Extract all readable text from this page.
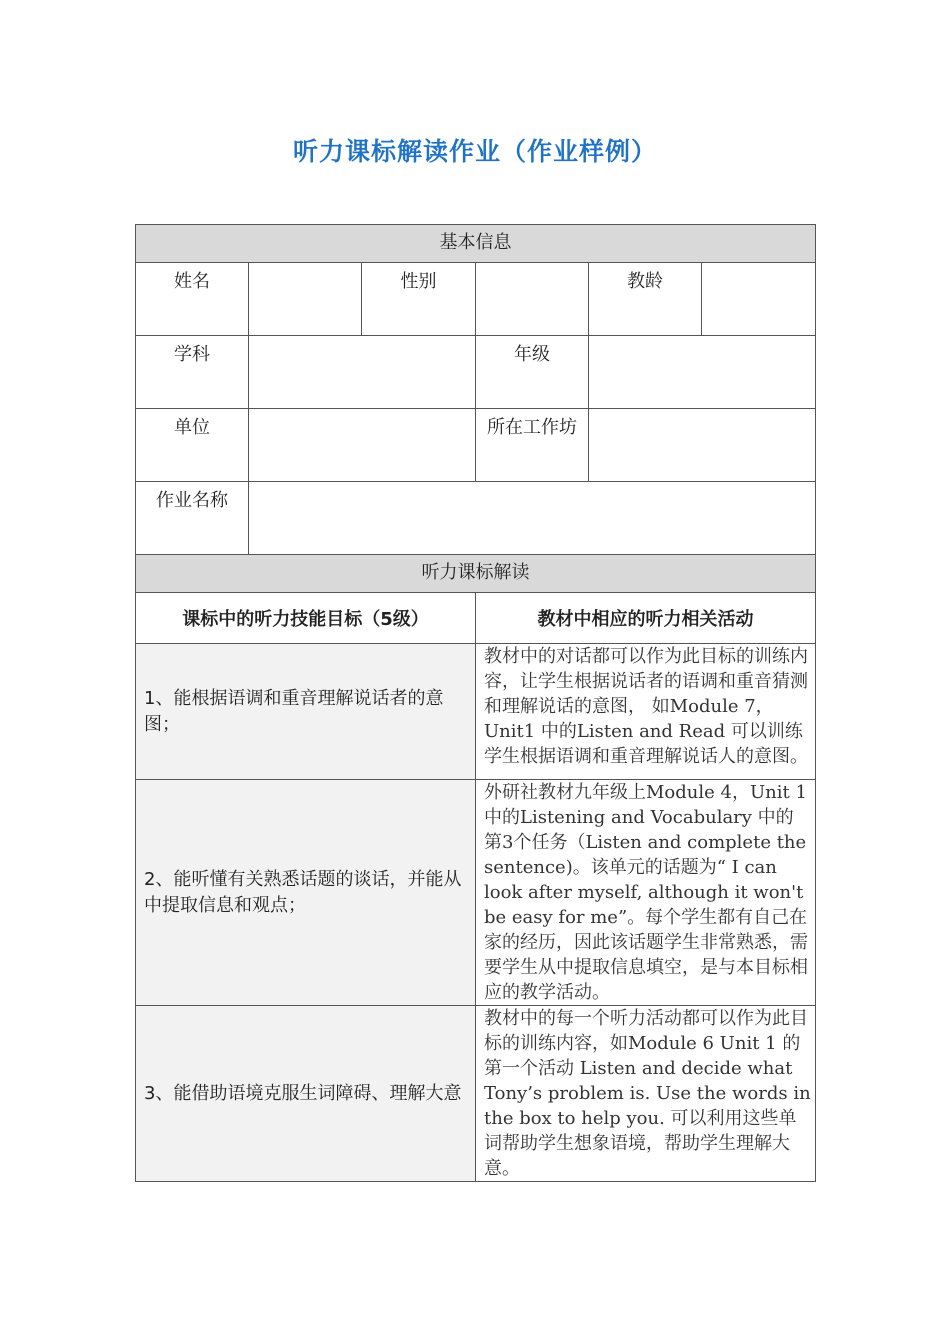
听力课标解读作业（作业样例）
基本信息					

姓名		性别		教龄	
学科			年级		
单位			所在工作坊		
作业名称					

听力课标解读					

课标中的听力技能目标（5级）			教材中相应的听力相关活动		
1、能根据语调和重音理解说话者的意图；			教材中的对话都可以作为此目标的训练内容，让学生根据说话者的语调和重音猜测和理解说话的意图， 如Module 7，Unit1 中的Listen and Read 可以训练学生根据语调和重音理解说话人的意图。		
2、能听懂有关熟悉话题的谈话，并能从中提取信息和观点；			外研社教材九年级上Module 4，Unit 1中的Listening and Vocabulary 中的第3个任务（Listen and complete the sentence)。该单元的话题为“ I can look after myself, although it won't be easy for me”。每个学生都有自己在家的经历，因此该话题学生非常熟悉，需要学生从中提取信息填空，是与本目标相应的教学活动。		
3、能借助语境克服生词障碍、理解大意			教材中的每一个听力活动都可以作为此目标的训练内容，如Module 6 Unit 1 的第一个活动 Listen and decide what Tony’s problem is. Use the words in the box to help you. 可以利用这些单词帮助学生想象语境，帮助学生理解大意。		
